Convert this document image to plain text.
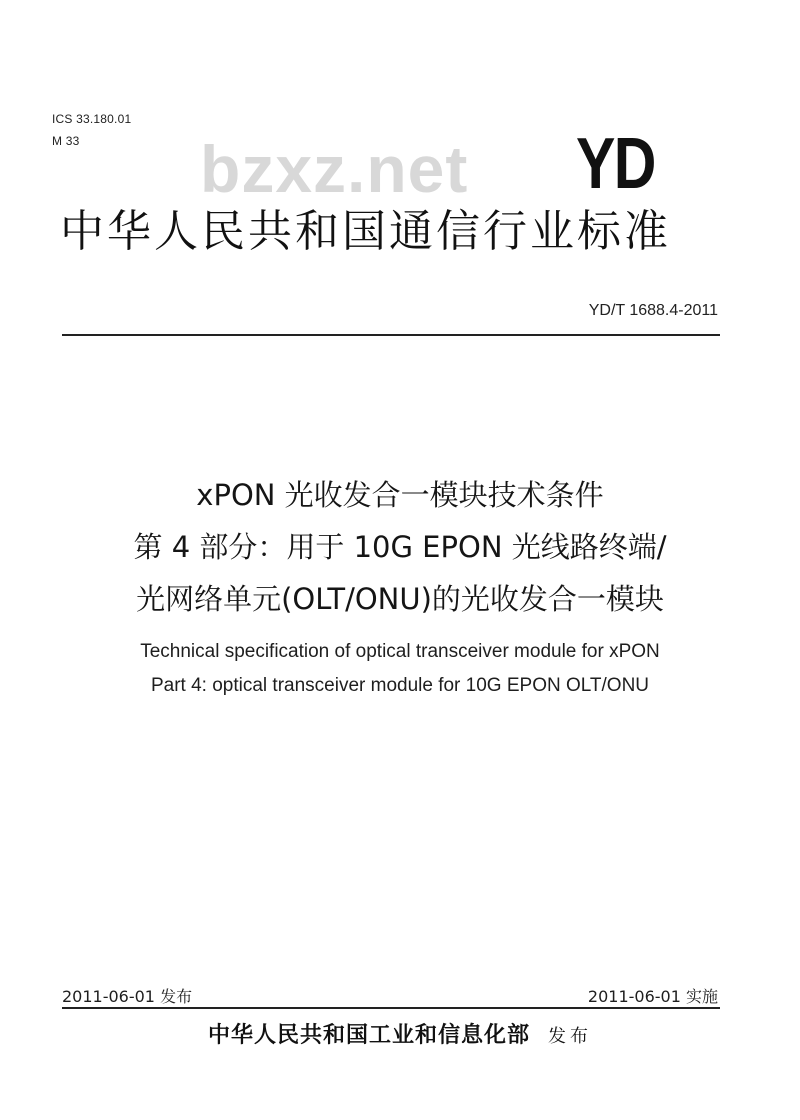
ICS 33.180.01
M 33 bzxz.net YD
中华人民共和国通信行业标准
YD/T 1688.4-2011
xPON 光收发合一模块技术条件
第 4 部分：用于 10G EPON 光线路终端/
光网络单元(OLT/ONU)的光收发合一模块
Technical specification of optical transceiver module for xPON
Part 4: optical transceiver module for 10G EPON OLT/ONU
2011-06-01 发布	2011-06-01 实施
中华人民共和国工业和信息化部 发布
